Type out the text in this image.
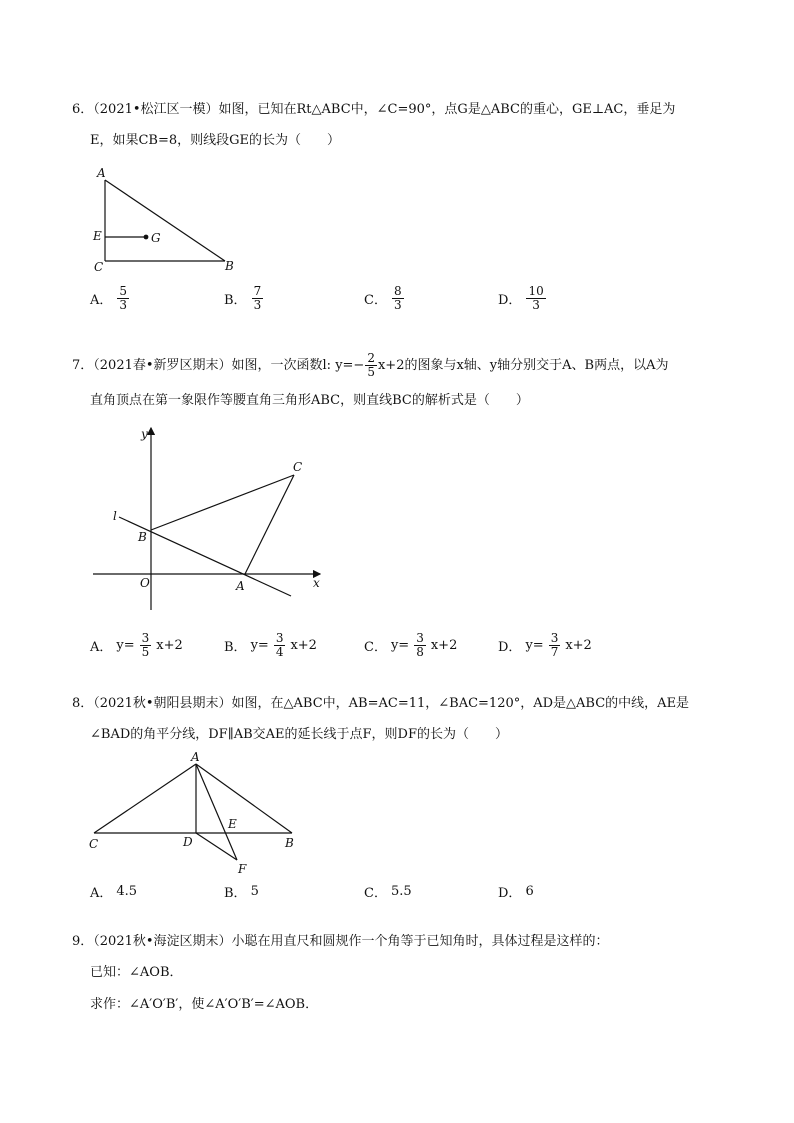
6．（2021•松江区一模）如图，已知在Rt△ABC中，∠C=90°，点G是△ABC的重心，GE⊥AC，垂足为
E，如果CB=8，则线段GE的长为（　　）
A
E	G
C	B
A． $\frac{5}{3}$	B． $\frac{7}{3}$	C． $\frac{8}{3}$	D． $\frac{10}{3}$
7．（2021春•新罗区期末）如图，一次函数l: $y=- \frac{2}{5} x+2$的图象与x轴、y轴分别交于A、B两点，以A为
直角顶点在第一象限作等腰直角三角形ABC，则直线BC的解析式是（　　）
y
C
l
B
O	A	x
A． $y= \frac{3}{5} x+2$	B． $y= \frac{3}{4} x+2$	C． $y= \frac{3}{8} x+2$	D． $y= \frac{3}{7} x+2$
8．（2021秋•朝阳县期末）如图，在△ABC中，AB=AC=11，∠BAC=120°，AD是△ABC的中线，AE是
∠BAD的角平分线，DF∥AB交AE的延长线于点F，则DF的长为（　　）
A
E
C	D	B
F
A． 4.5	B． 5	C． 5.5	D． 6
9．（2021秋•海淀区期末）小聪在用直尺和圆规作一个角等于已知角时，具体过程是这样的：
已知：∠AOB．
求作：∠A′O′B′，使∠A′O′B′=∠AOB．
